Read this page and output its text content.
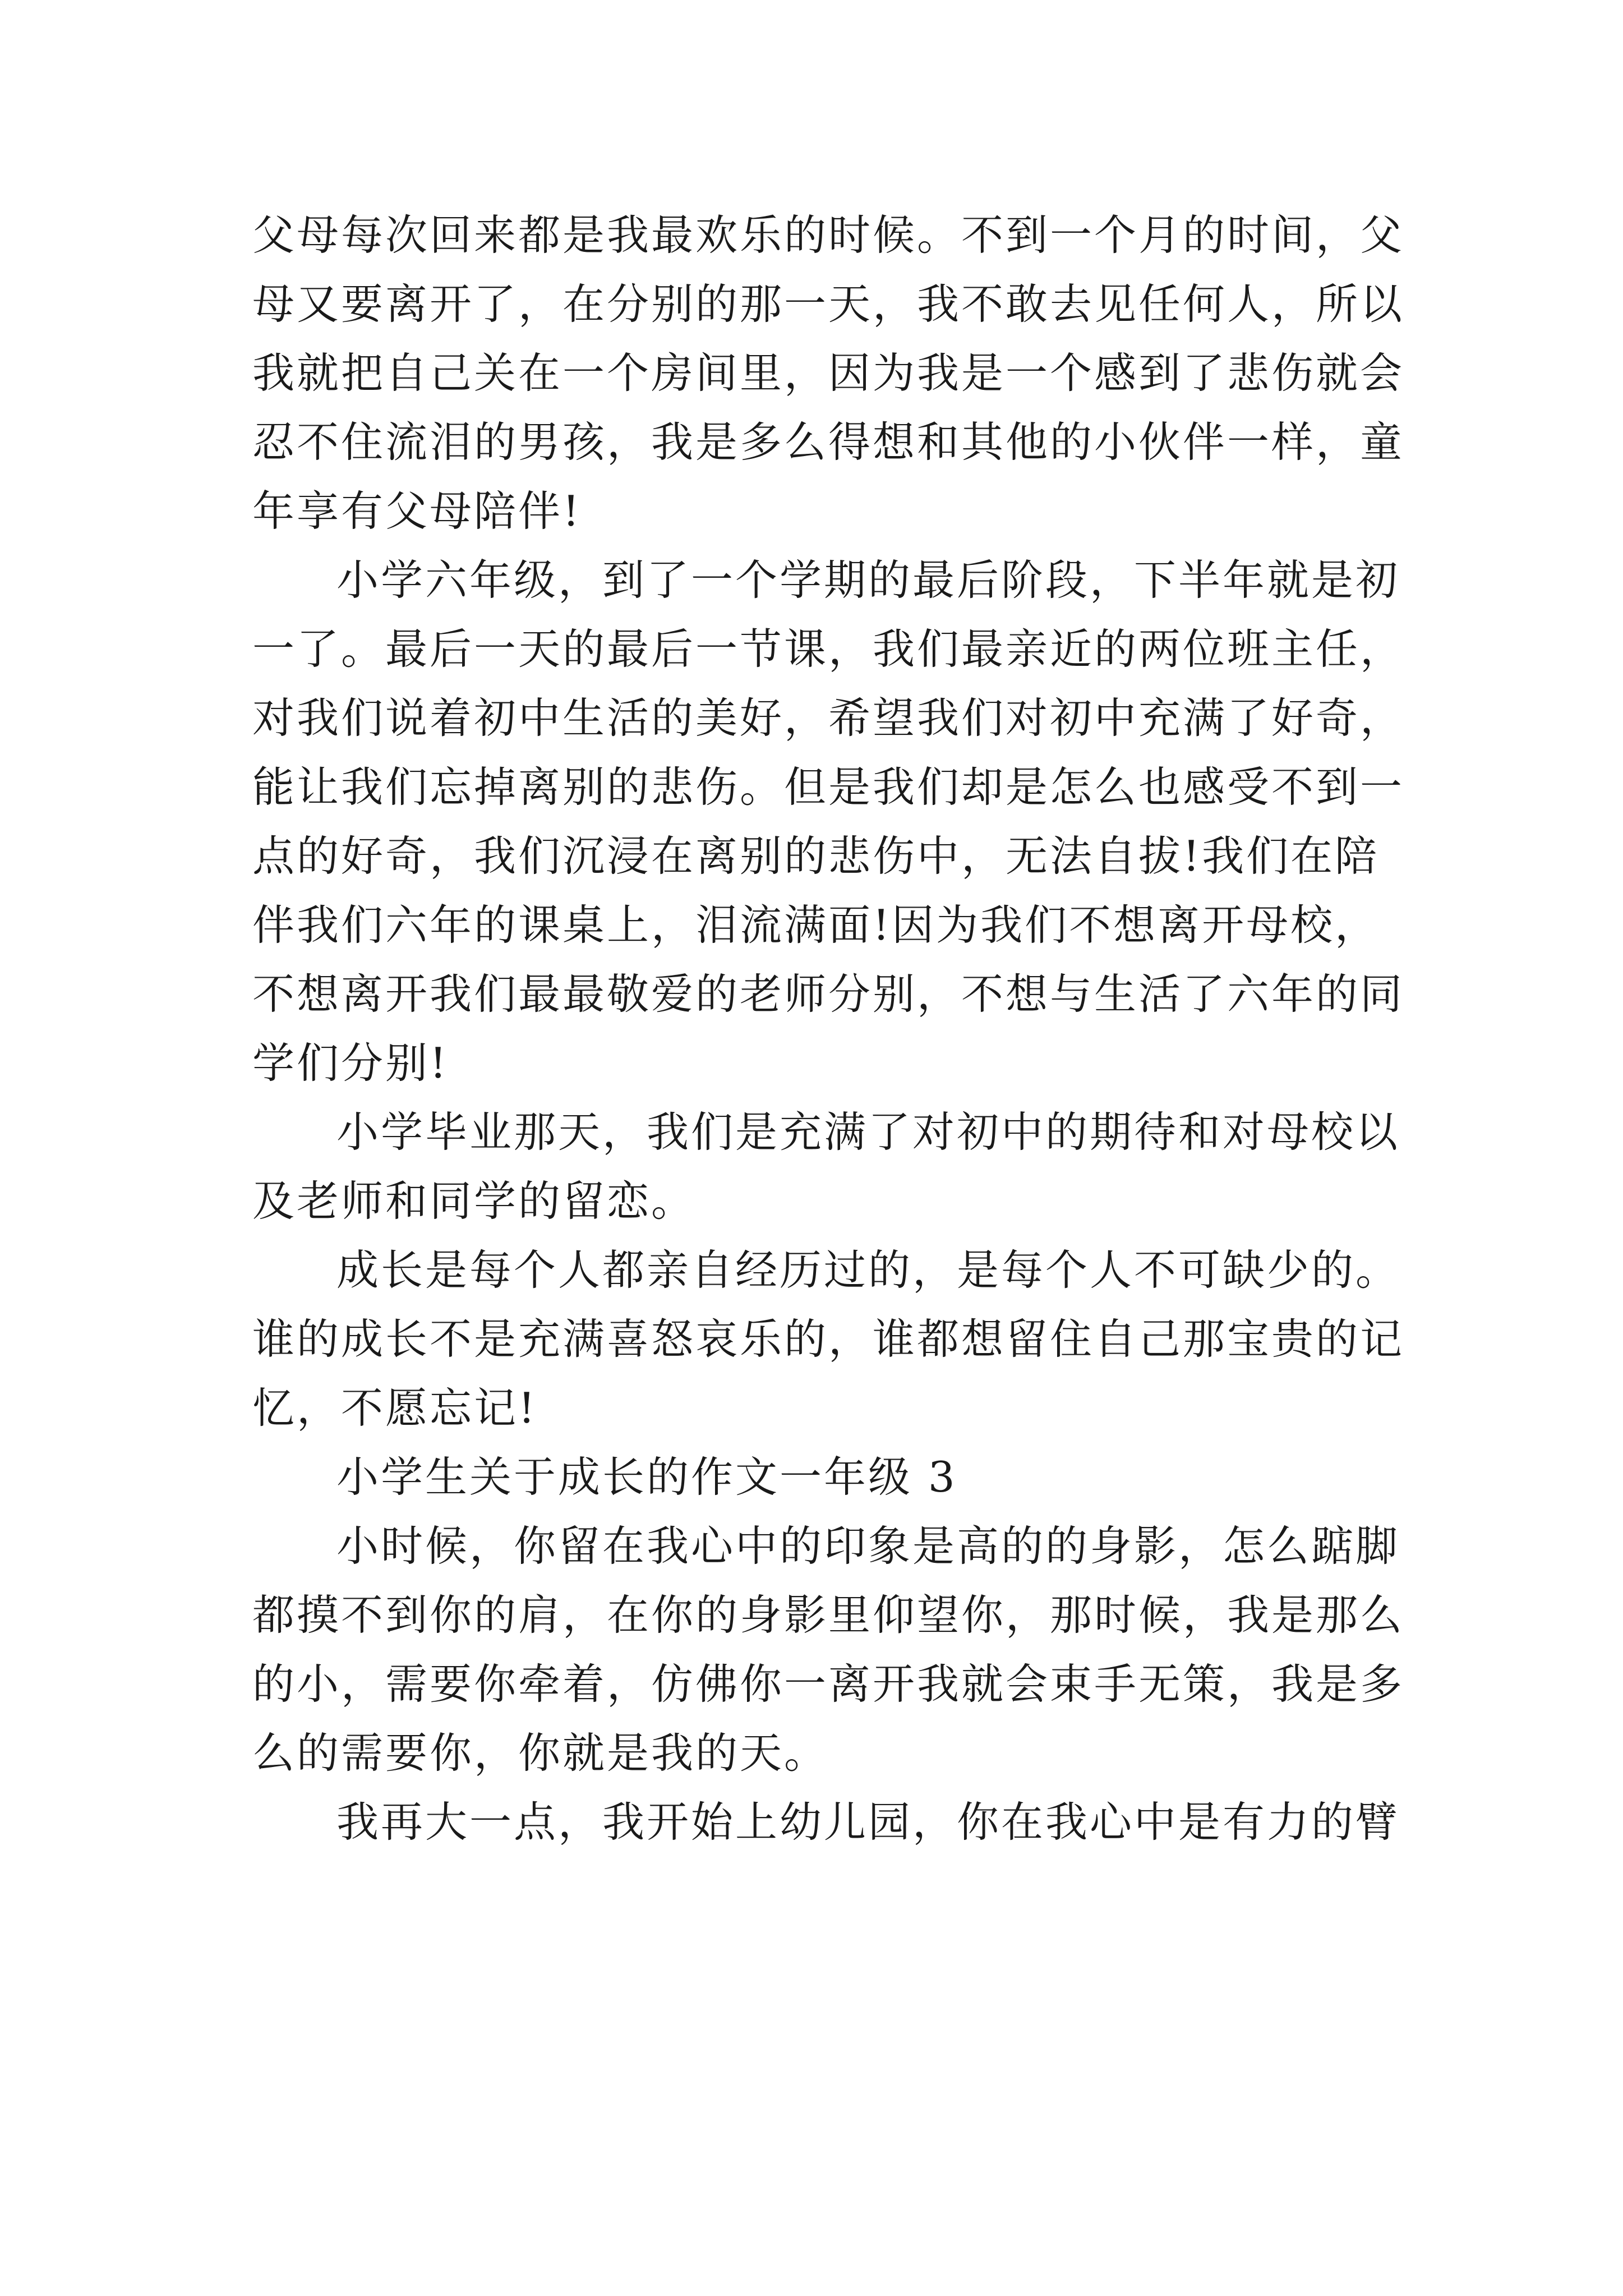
父母每次回来都是我最欢乐的时候。不到一个月的时间，父
母又要离开了，在分别的那一天，我不敢去见任何人，所以
我就把自己关在一个房间里，因为我是一个感到了悲伤就会
忍不住流泪的男孩，我是多么得想和其他的小伙伴一样，童
年享有父母陪伴!
小学六年级，到了一个学期的最后阶段，下半年就是初
一了。最后一天的最后一节课，我们最亲近的两位班主任，
对我们说着初中生活的美好，希望我们对初中充满了好奇，
能让我们忘掉离别的悲伤。但是我们却是怎么也感受不到一
点的好奇，我们沉浸在离别的悲伤中，无法自拔!我们在陪
伴我们六年的课桌上，泪流满面!因为我们不想离开母校，
不想离开我们最最敬爱的老师分别，不想与生活了六年的同
学们分别!
小学毕业那天，我们是充满了对初中的期待和对母校以
及老师和同学的留恋。
成长是每个人都亲自经历过的，是每个人不可缺少的。
谁的成长不是充满喜怒哀乐的，谁都想留住自己那宝贵的记
忆，不愿忘记!
小学生关于成长的作文一年级 3
小时候，你留在我心中的印象是高的的身影，怎么踮脚
都摸不到你的肩，在你的身影里仰望你，那时候，我是那么
的小，需要你牵着，仿佛你一离开我就会束手无策，我是多
么的需要你，你就是我的天。
我再大一点，我开始上幼儿园，你在我心中是有力的臂
